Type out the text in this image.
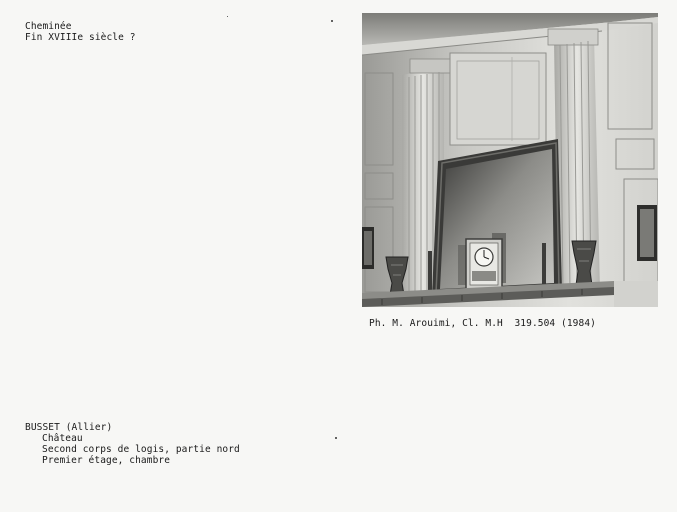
Cheminée
Fin XVIIIe siècle ?
Ph. M. Arouimi, Cl. M.H  319.504 (1984)
BUSSET (Allier)
Château
Second corps de logis, partie nord
Premier étage, chambre
